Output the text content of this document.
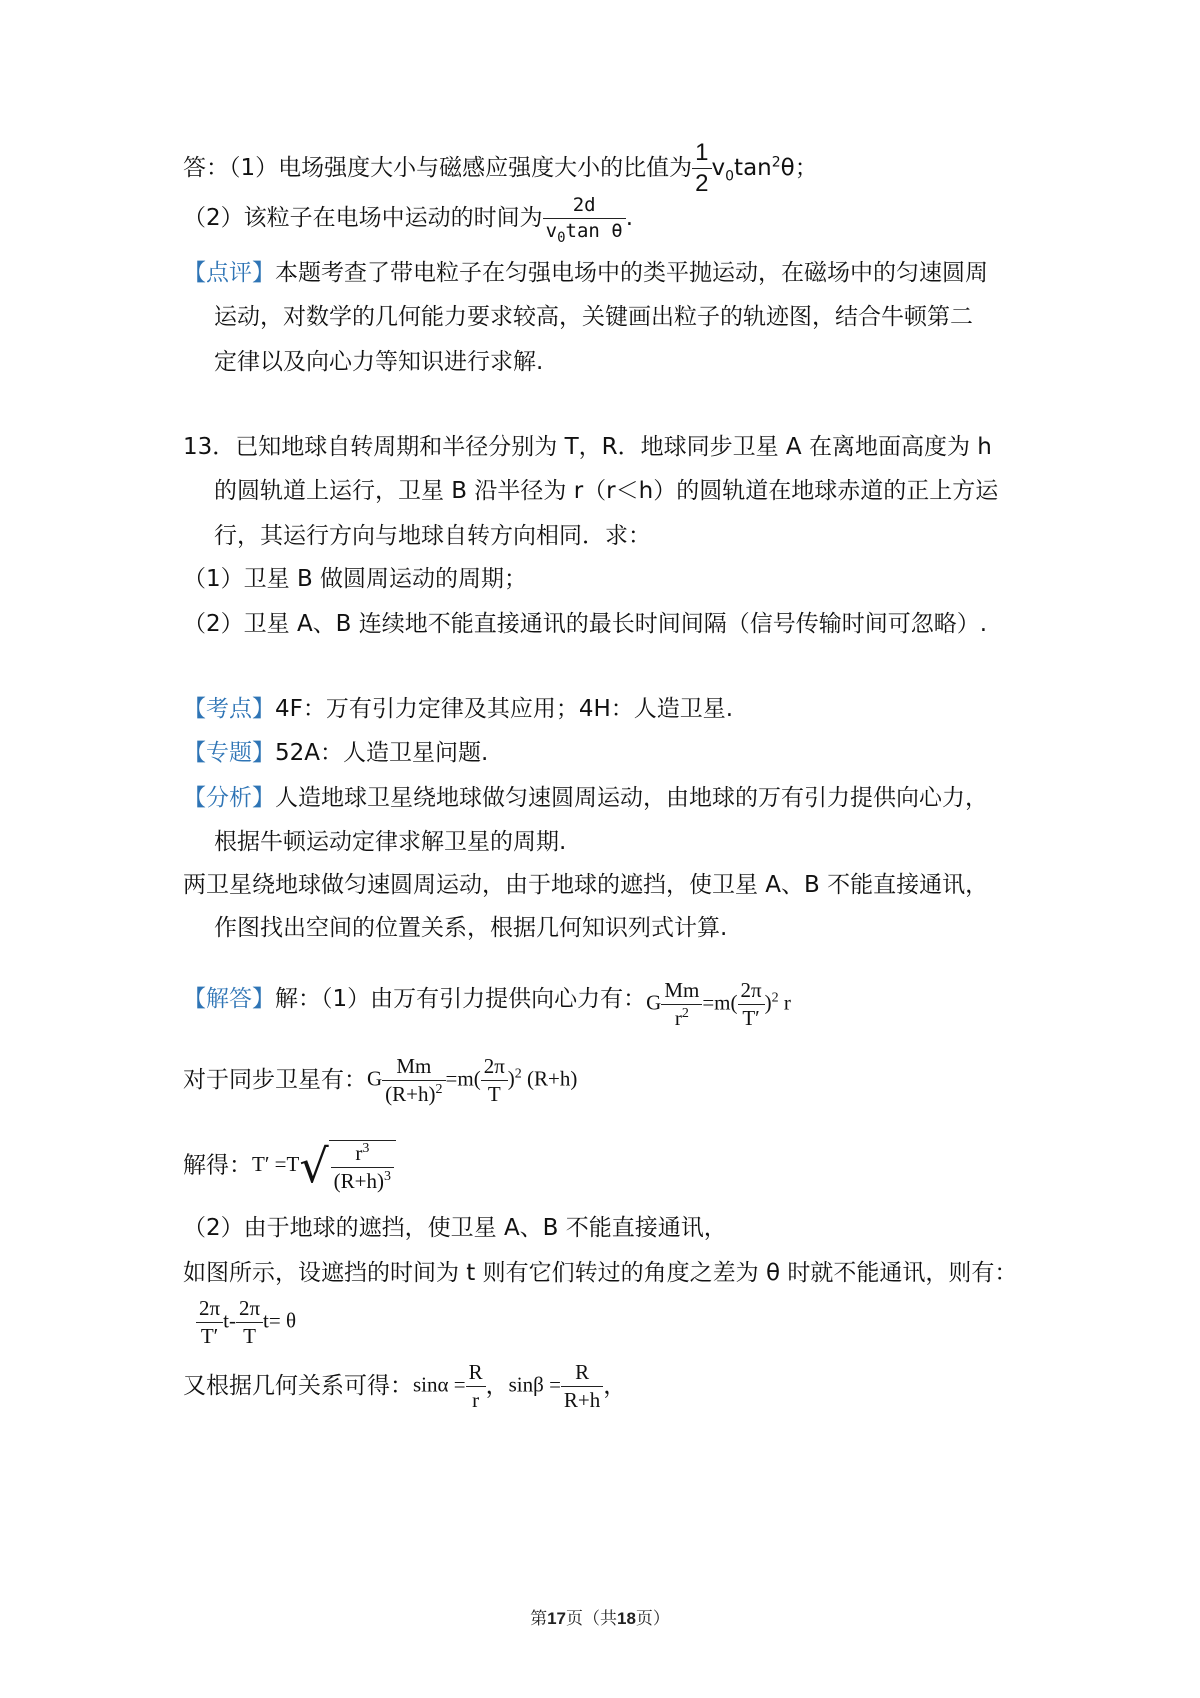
答：（1）电场强度大小与磁感应强度大小的比值为 $\frac{1}{2} v_0\tan^2\theta$；
（2）该粒子在电场中运动的时间为 $\frac{2d}{v_0\tan \theta}$ .
【点评】本题考查了带电粒子在匀强电场中的类平抛运动，在磁场中的匀速圆周
运动，对数学的几何能力要求较高，关键画出粒子的轨迹图，结合牛顿第二
定律以及向心力等知识进行求解.
13．已知地球自转周期和半径分别为 T，R．地球同步卫星 A 在离地面高度为 h
的圆轨道上运行，卫星 B 沿半径为 r（r＜h）的圆轨道在地球赤道的正上方运
行，其运行方向与地球自转方向相同．求：
（1）卫星 B 做圆周运动的周期；
（2）卫星 A、B 连续地不能直接通讯的最长时间间隔（信号传输时间可忽略）.
【考点】4F：万有引力定律及其应用；4H：人造卫星.
【专题】52A：人造卫星问题.
【分析】人造地球卫星绕地球做匀速圆周运动，由地球的万有引力提供向心力，
根据牛顿运动定律求解卫星的周期.
两卫星绕地球做匀速圆周运动，由于地球的遮挡，使卫星 A、B 不能直接通讯，
作图找出空间的位置关系，根据几何知识列式计算.
【解答】解：（1）由万有引力提供向心力有：G $\frac{Mm}{r^2} =m( \frac{2\pi}{T'} )^2$ r
对于同步卫星有：G $\frac{Mm}{(R+h)^2} =m( \frac{2\pi}{T} )^2$ (R+h)
解得：$T' =T√ \frac{r^3}{(R+h)^3}$
（2）由于地球的遮挡，使卫星 A、B 不能直接通讯，
如图所示，设遮挡的时间为 t 则有它们转过的角度之差为 θ 时就不能通讯，则有：
$\frac{2\pi}{T'} t- \frac{2\pi}{T} t= \theta$
又根据几何关系可得：$\sin\alpha = \frac{R}{r}$ ，$\sin\beta = \frac{R}{R+h}$ ，
第17页（共18页）
